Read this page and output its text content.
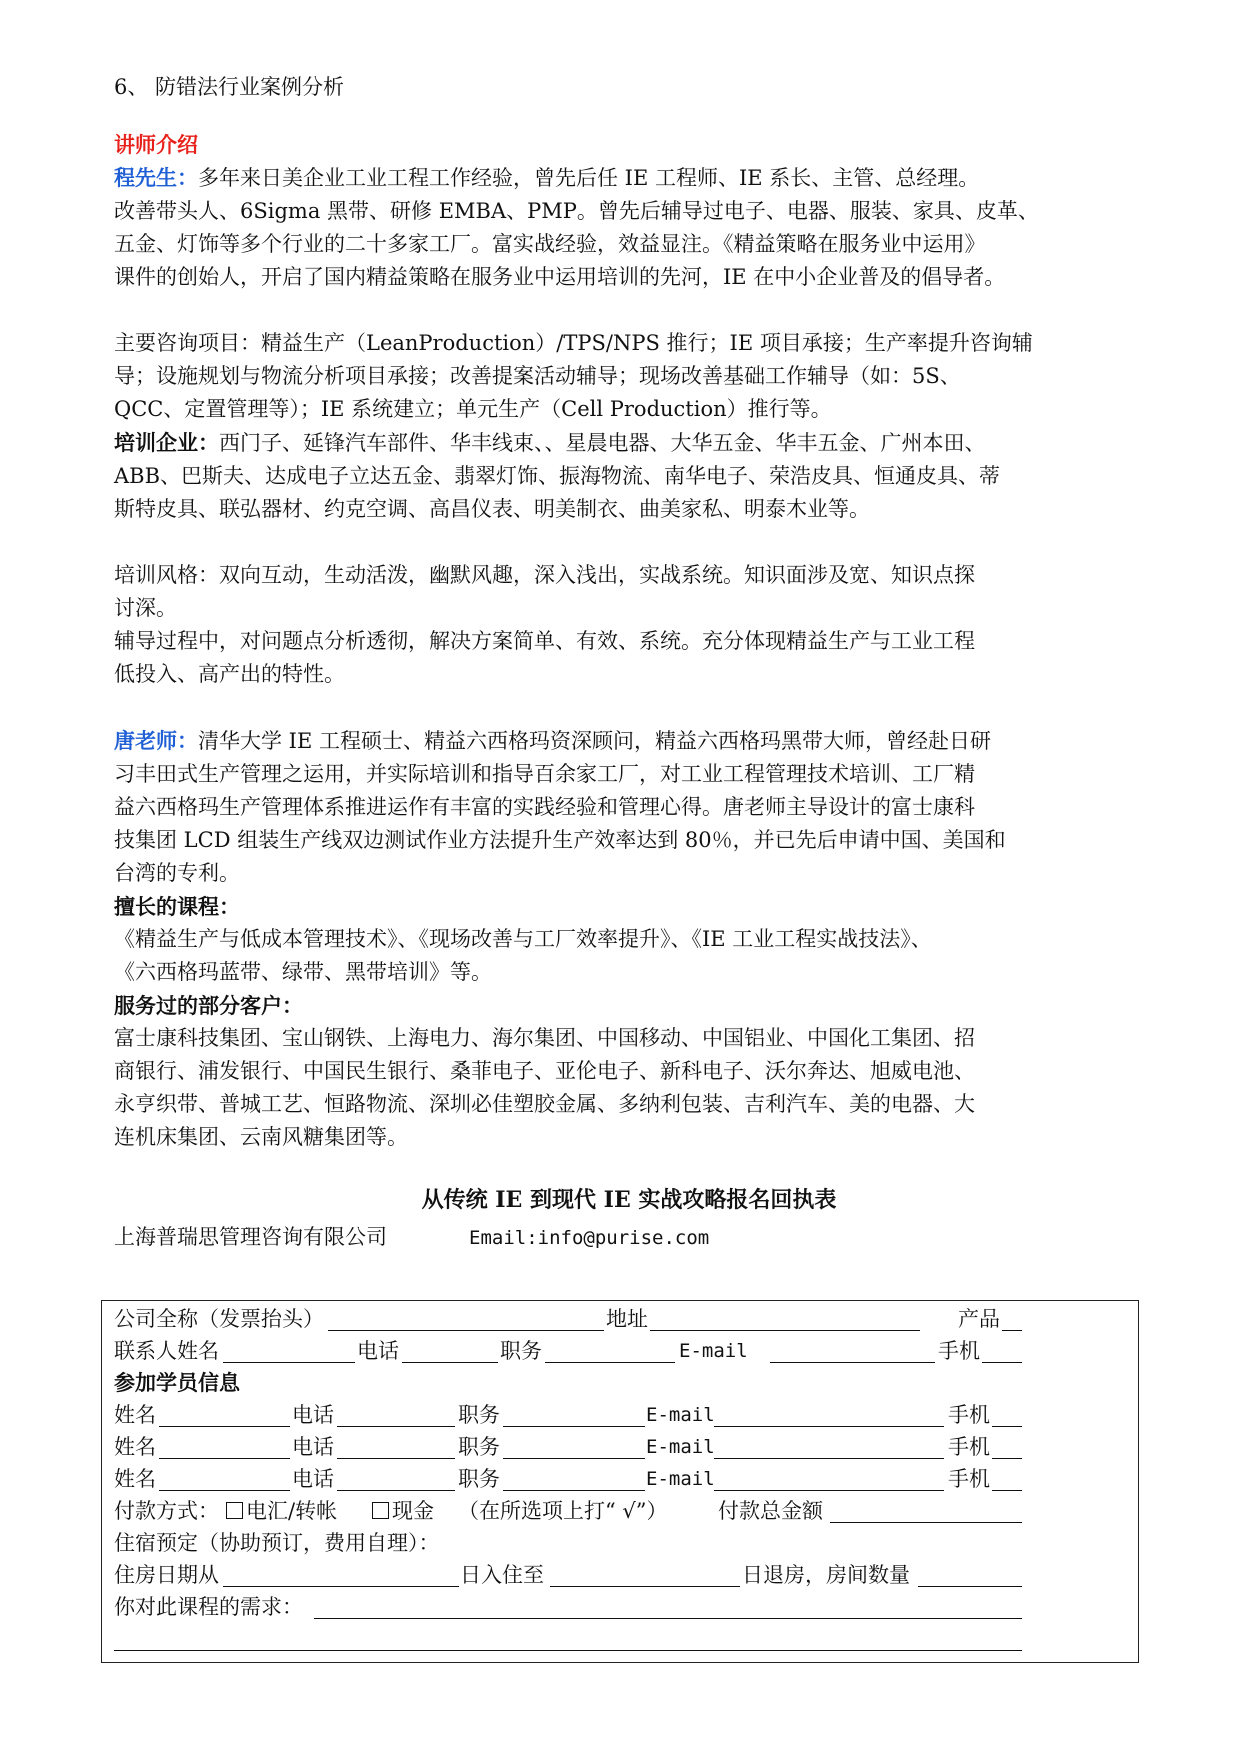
6、 防错法行业案例分析
讲师介绍
程先生：多年来日美企业工业工程工作经验，曾先后任 IE 工程师、IE 系长、主管、总经理。
改善带头人、6Sigma 黑带、研修 EMBA、PMP。曾先后辅导过电子、电器、服装、家具、皮革、
五金、灯饰等多个行业的二十多家工厂。富实战经验，效益显注。《精益策略在服务业中运用》
课件的创始人，开启了国内精益策略在服务业中运用培训的先河，IE 在中小企业普及的倡导者。
主要咨询项目：精益生产（LeanProduction）/TPS/NPS 推行；IE 项目承接；生产率提升咨询辅
导；设施规划与物流分析项目承接；改善提案活动辅导；现场改善基础工作辅导（如：5S、
QCC、定置管理等）；IE 系统建立；单元生产（Cell Production）推行等。
培训企业：西门子、延锋汽车部件、华丰线束、、星晨电器、大华五金、华丰五金、广州本田、
ABB、巴斯夫、达成电子立达五金、翡翠灯饰、振海物流、南华电子、荣浩皮具、恒通皮具、蒂
斯特皮具、联弘器材、约克空调、高昌仪表、明美制衣、曲美家私、明泰木业等。
培训风格：双向互动，生动活泼，幽默风趣，深入浅出，实战系统。知识面涉及宽、知识点探
讨深。
辅导过程中，对问题点分析透彻，解决方案简单、有效、系统。充分体现精益生产与工业工程
低投入、高产出的特性。
唐老师：清华大学 IE 工程硕士、精益六西格玛资深顾问，精益六西格玛黑带大师，曾经赴日研
习丰田式生产管理之运用，并实际培训和指导百余家工厂，对工业工程管理技术培训、工厂精
益六西格玛生产管理体系推进运作有丰富的实践经验和管理心得。唐老师主导设计的富士康科
技集团 LCD 组装生产线双边测试作业方法提升生产效率达到 80％，并已先后申请中国、美国和
台湾的专利。
擅长的课程：
《精益生产与低成本管理技术》、《现场改善与工厂效率提升》、《IE 工业工程实战技法》、
《六西格玛蓝带、绿带、黑带培训》等。
服务过的部分客户：
富士康科技集团、宝山钢铁、上海电力、海尔集团、中国移动、中国铝业、中国化工集团、招
商银行、浦发银行、中国民生银行、桑菲电子、亚伦电子、新科电子、沃尔奔达、旭威电池、
永亨织带、普城工艺、恒路物流、深圳必佳塑胶金属、多纳利包装、吉利汽车、美的电器、大
连机床集团、云南风糖集团等。
从传统 IE 到现代 IE 实战攻略报名回执表
上海普瑞思管理咨询有限公司	Email:info@purise.com
公司全称（发票抬头）	地址	产品
联系人姓名	电话	职务	E-mail	手机
参加学员信息
姓名	电话	职务	E-mail	手机
姓名	电话	职务	E-mail	手机
姓名	电话	职务	E-mail	手机
付款方式：	电汇/转帐	现金 （在所选项上打“ √”） 付款总金额
住宿预定（协助预订，费用自理）：
住房日期从	日入住至	日退房，房间数量
你对此课程的需求：
